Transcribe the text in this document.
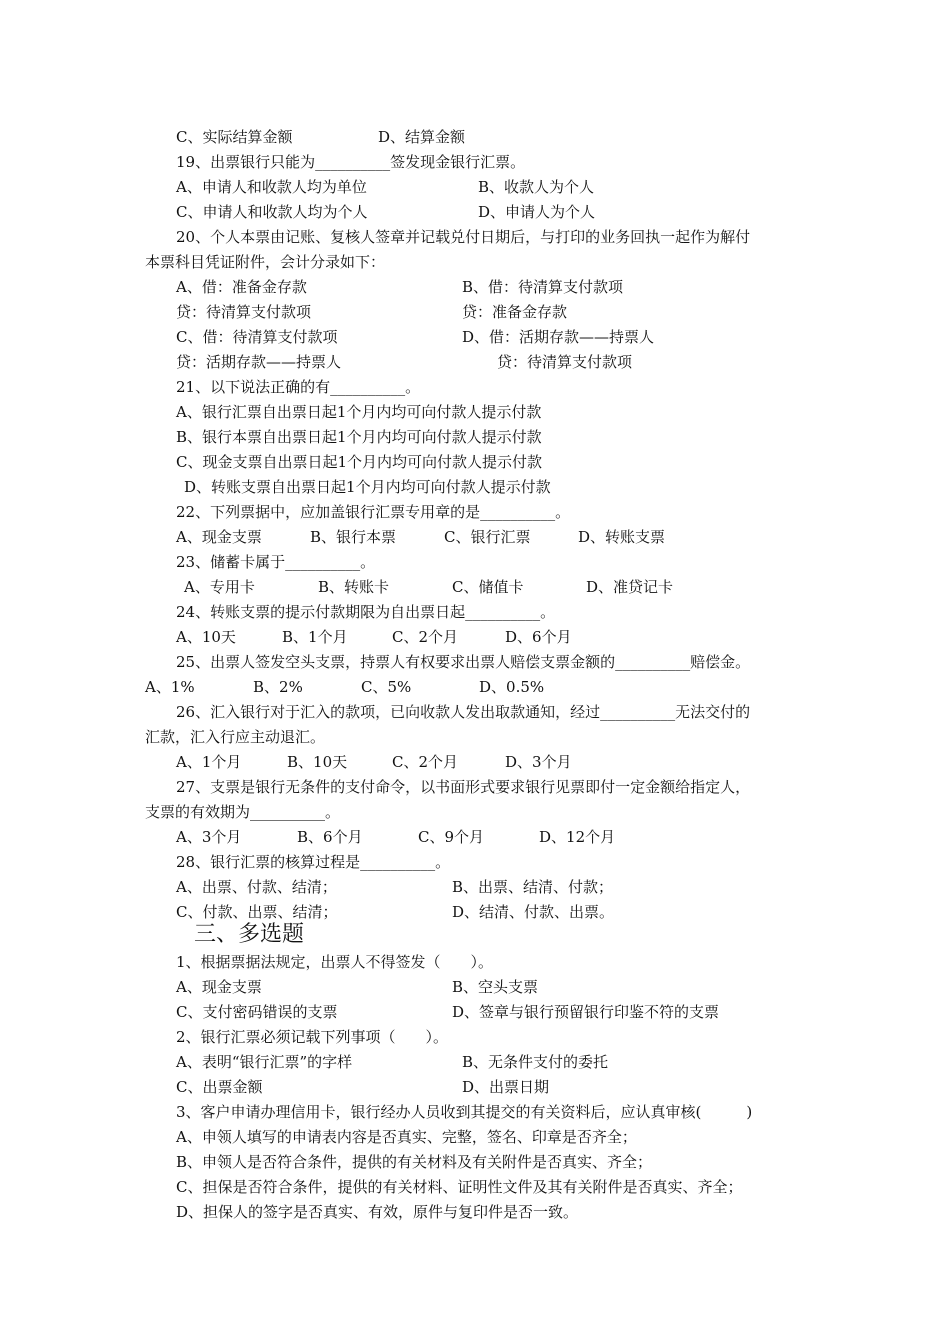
C、实际结算金额	D、结算金额
19、出票银行只能为__________签发现金银行汇票。
A、申请人和收款人均为单位	B、收款人为个人
C、申请人和收款人均为个人	D、申请人为个人
20、个人本票由记账、复核人签章并记载兑付日期后，与打印的业务回执一起作为解付
本票科目凭证附件，会计分录如下：
A、借：准备金存款	B、借：待清算支付款项
贷：待清算支付款项	贷：准备金存款
C、借：待清算支付款项	D、借：活期存款——持票人
贷：活期存款——持票人	贷：待清算支付款项
21、以下说法正确的有__________。
A、银行汇票自出票日起1个月内均可向付款人提示付款
B、银行本票自出票日起1个月内均可向付款人提示付款
C、现金支票自出票日起1个月内均可向付款人提示付款
D、转账支票自出票日起1个月内均可向付款人提示付款
22、下列票据中，应加盖银行汇票专用章的是__________。
A、现金支票	B、银行本票	C、银行汇票	D、转账支票
23、储蓄卡属于__________。
A、专用卡	B、转账卡	C、储值卡	D、准贷记卡
24、转账支票的提示付款期限为自出票日起__________。
A、10天	B、1个月	C、2个月	D、6个月
25、出票人签发空头支票，持票人有权要求出票人赔偿支票金额的__________赔偿金。
A、1%	B、2%	C、5%	D、0.5%
26、汇入银行对于汇入的款项，已向收款人发出取款通知，经过__________无法交付的
汇款，汇入行应主动退汇。
A、1个月	B、10天	C、2个月	D、3个月
27、支票是银行无条件的支付命令，以书面形式要求银行见票即付一定金额给指定人，
支票的有效期为__________。
A、3个月	B、6个月	C、9个月	D、12个月
28、银行汇票的核算过程是__________。
A、出票、付款、结清；	B、出票、结清、付款；
C、付款、出票、结清；	D、结清、付款、出票。
三、多选题
1、根据票据法规定，出票人不得签发（　　）。
A、现金支票	B、空头支票
C、支付密码错误的支票	D、签章与银行预留银行印鉴不符的支票
2、银行汇票必须记载下列事项（　　）。
A、表明“银行汇票”的字样	B、无条件支付的委托
C、出票金额	D、出票日期
3、客户申请办理信用卡，银行经办人员收到其提交的有关资料后，应认真审核(　　　)
A、申领人填写的申请表内容是否真实、完整，签名、印章是否齐全；
B、申领人是否符合条件，提供的有关材料及有关附件是否真实、齐全；
C、担保是否符合条件，提供的有关材料、证明性文件及其有关附件是否真实、齐全；
D、担保人的签字是否真实、有效，原件与复印件是否一致。
